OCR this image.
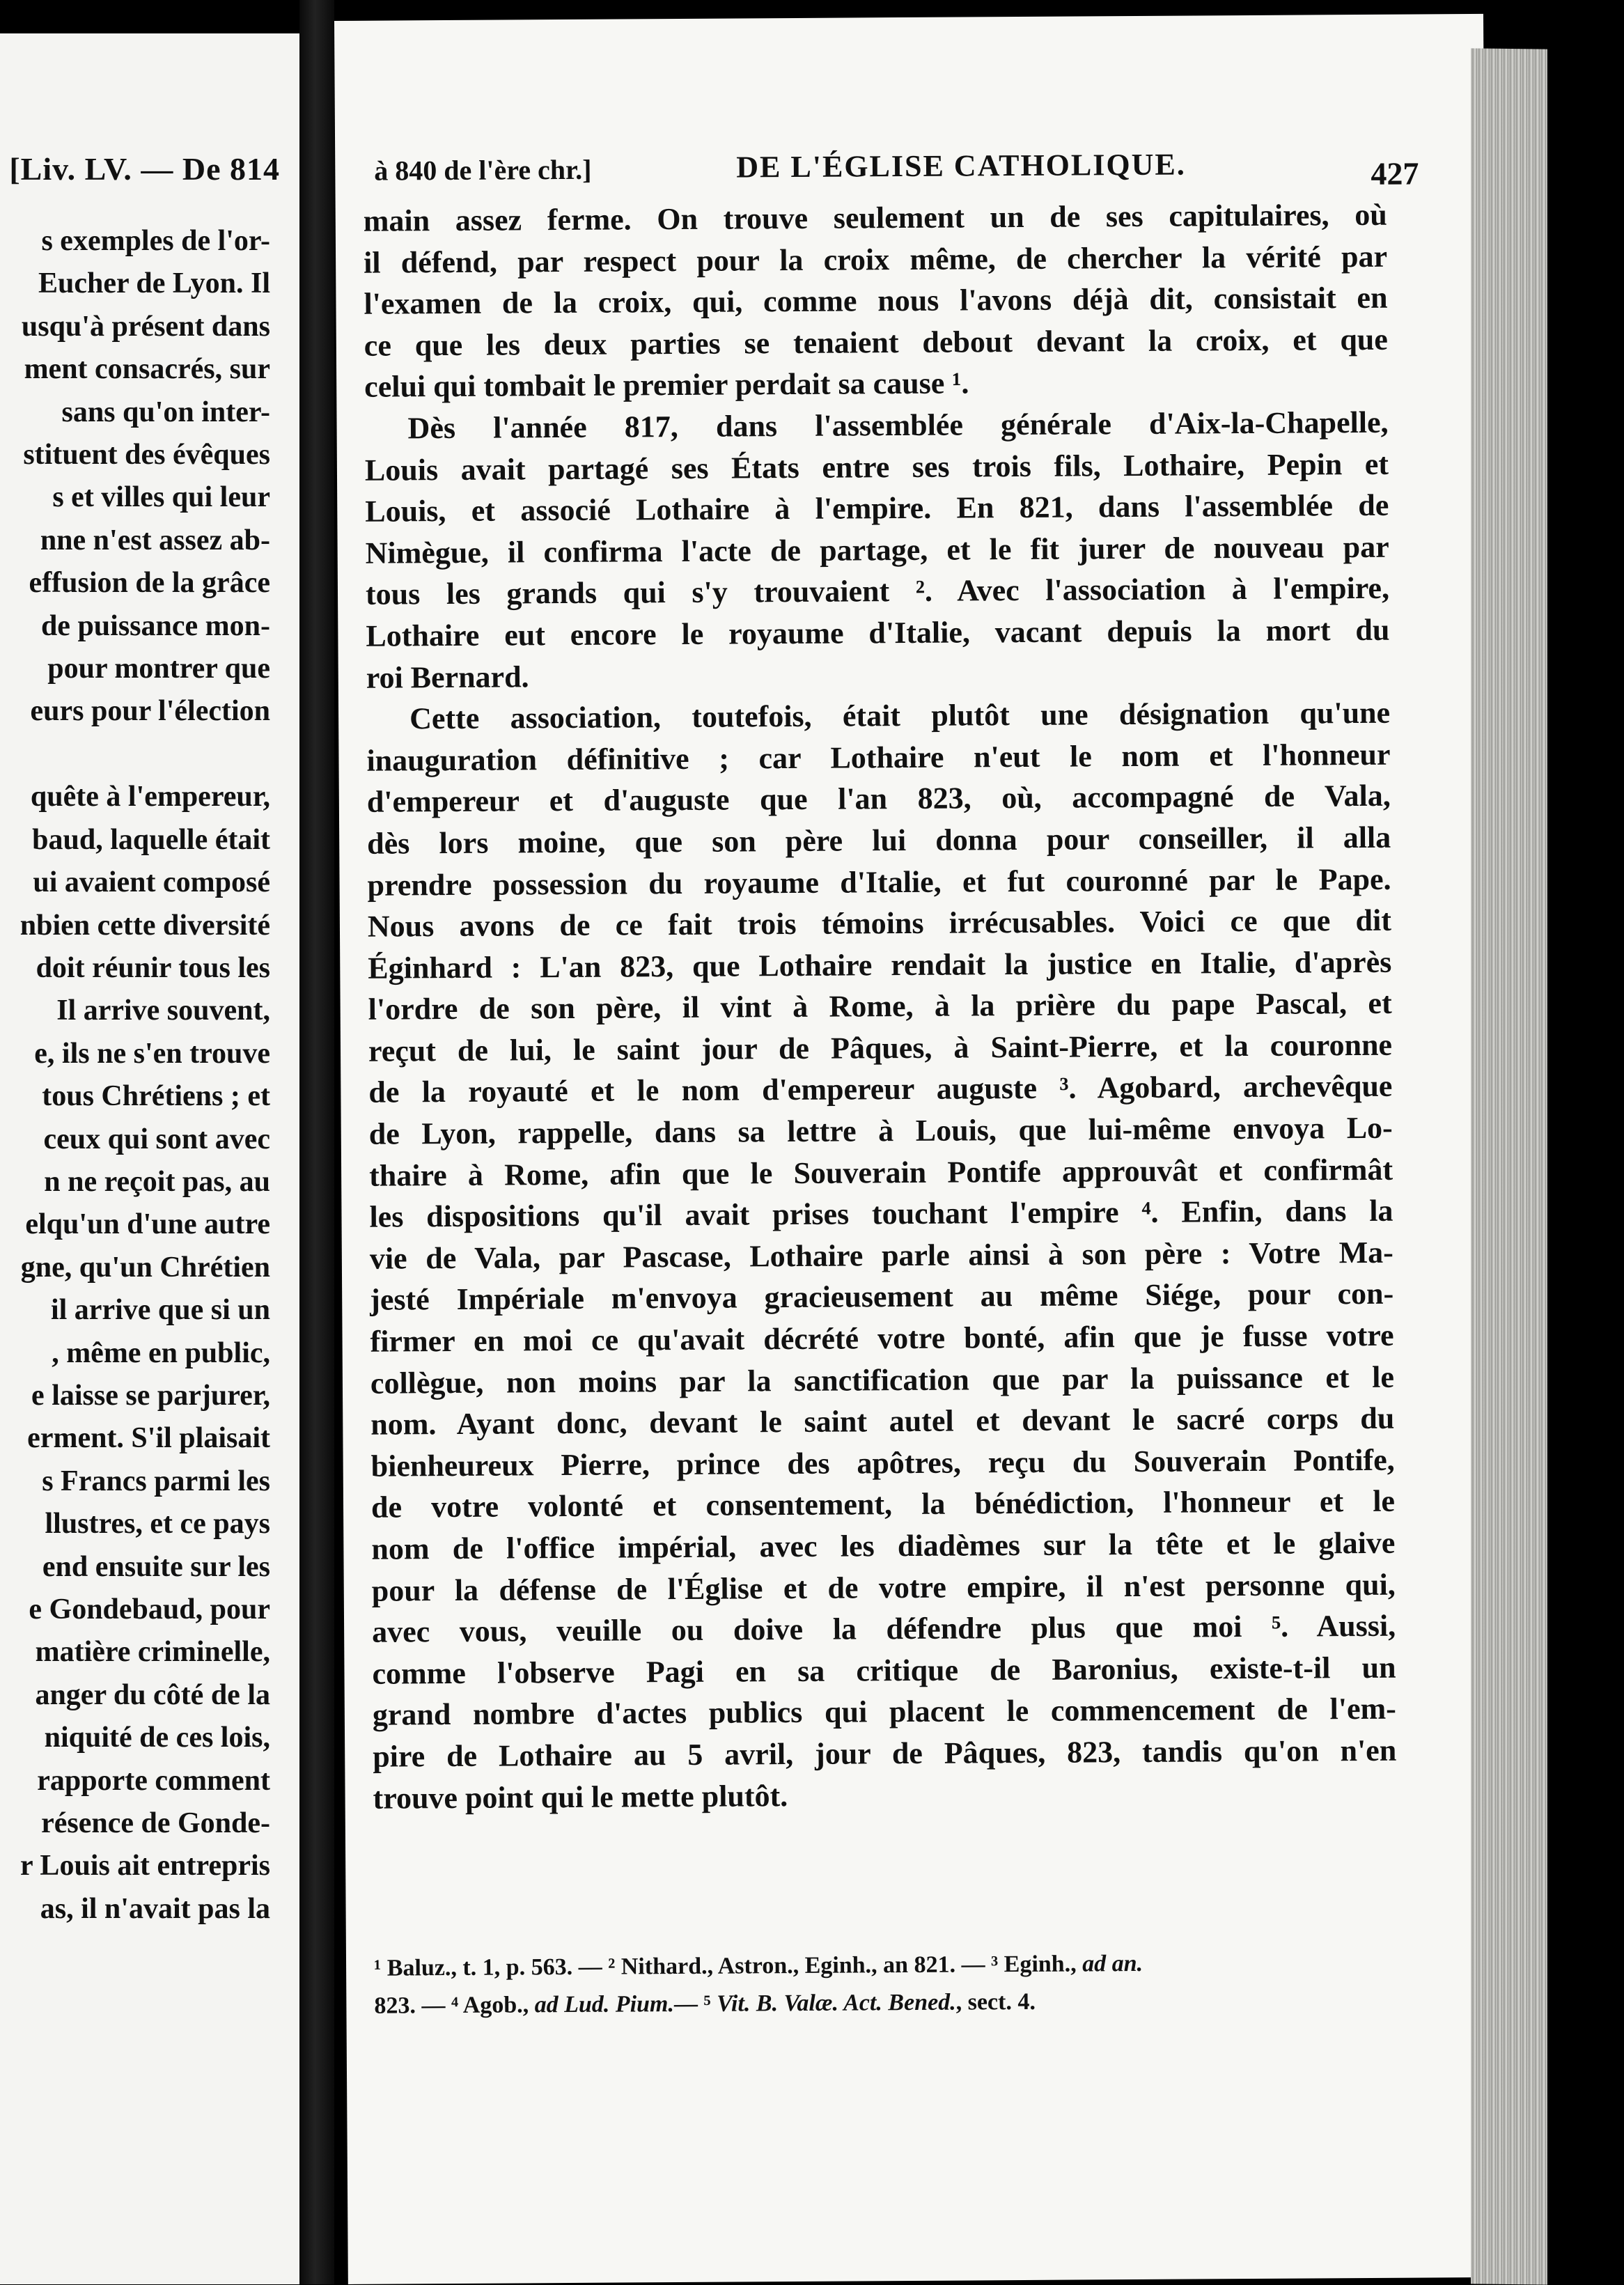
[Liv. LV. — De 814
s exemples de l'or-
Eucher de Lyon. Il
usqu'à présent dans
ment consacrés, sur
sans qu'on inter-
stituent des évêques
s et villes qui leur
nne n'est assez ab-
effusion de la grâce
de puissance mon-
pour montrer que
eurs pour l'élection

quête à l'empereur,
baud, laquelle était
ui avaient composé
nbien cette diversité
doit réunir tous les
Il arrive souvent,
e, ils ne s'en trouve
tous Chrétiens ; et
ceux qui sont avec
n ne reçoit pas, au
elqu'un d'une autre
gne, qu'un Chrétien
il arrive que si un
, même en public,
e laisse se parjurer,
erment. S'il plaisait
s Francs parmi les
llustres, et ce pays
end ensuite sur les
e Gondebaud, pour
matière criminelle,
anger du côté de la
niquité de ces lois,
rapporte comment
résence de Gonde-
r Louis ait entrepris
as, il n'avait pas la
à 840 de l'ère chr.]	DE L'ÉGLISE CATHOLIQUE.	427
main assez ferme. On trouve seulement un de ses capitulaires, où
il défend, par respect pour la croix même, de chercher la vérité par
l'examen de la croix, qui, comme nous l'avons déjà dit, consistait en
ce que les deux parties se tenaient debout devant la croix, et que
celui qui tombait le premier perdait sa cause ¹.
Dès l'année 817, dans l'assemblée générale d'Aix-la-Chapelle,
Louis avait partagé ses États entre ses trois fils, Lothaire, Pepin et
Louis, et associé Lothaire à l'empire. En 821, dans l'assemblée de
Nimègue, il confirma l'acte de partage, et le fit jurer de nouveau par
tous les grands qui s'y trouvaient ². Avec l'association à l'empire,
Lothaire eut encore le royaume d'Italie, vacant depuis la mort du
roi Bernard.
Cette association, toutefois, était plutôt une désignation qu'une
inauguration définitive ; car Lothaire n'eut le nom et l'honneur
d'empereur et d'auguste que l'an 823, où, accompagné de Vala,
dès lors moine, que son père lui donna pour conseiller, il alla
prendre possession du royaume d'Italie, et fut couronné par le Pape.
Nous avons de ce fait trois témoins irrécusables. Voici ce que dit
Éginhard : L'an 823, que Lothaire rendait la justice en Italie, d'après
l'ordre de son père, il vint à Rome, à la prière du pape Pascal, et
reçut de lui, le saint jour de Pâques, à Saint-Pierre, et la couronne
de la royauté et le nom d'empereur auguste ³. Agobard, archevêque
de Lyon, rappelle, dans sa lettre à Louis, que lui-même envoya Lo-
thaire à Rome, afin que le Souverain Pontife approuvât et confirmât
les dispositions qu'il avait prises touchant l'empire ⁴. Enfin, dans la
vie de Vala, par Pascase, Lothaire parle ainsi à son père : Votre Ma-
jesté Impériale m'envoya gracieusement au même Siége, pour con-
firmer en moi ce qu'avait décrété votre bonté, afin que je fusse votre
collègue, non moins par la sanctification que par la puissance et le
nom. Ayant donc, devant le saint autel et devant le sacré corps du
bienheureux Pierre, prince des apôtres, reçu du Souverain Pontife,
de votre volonté et consentement, la bénédiction, l'honneur et le
nom de l'office impérial, avec les diadèmes sur la tête et le glaive
pour la défense de l'Église et de votre empire, il n'est personne qui,
avec vous, veuille ou doive la défendre plus que moi ⁵. Aussi,
comme l'observe Pagi en sa critique de Baronius, existe-t-il un
grand nombre d'actes publics qui placent le commencement de l'em-
pire de Lothaire au 5 avril, jour de Pâques, 823, tandis qu'on n'en
trouve point qui le mette plutôt.
¹ Baluz., t. 1, p. 563. — ² Nithard., Astron., Eginh., an 821. — ³ Eginh., ad an.
823. — ⁴ Agob., ad Lud. Pium.— ⁵ Vit. B. Valæ. Act. Bened., sect. 4.
